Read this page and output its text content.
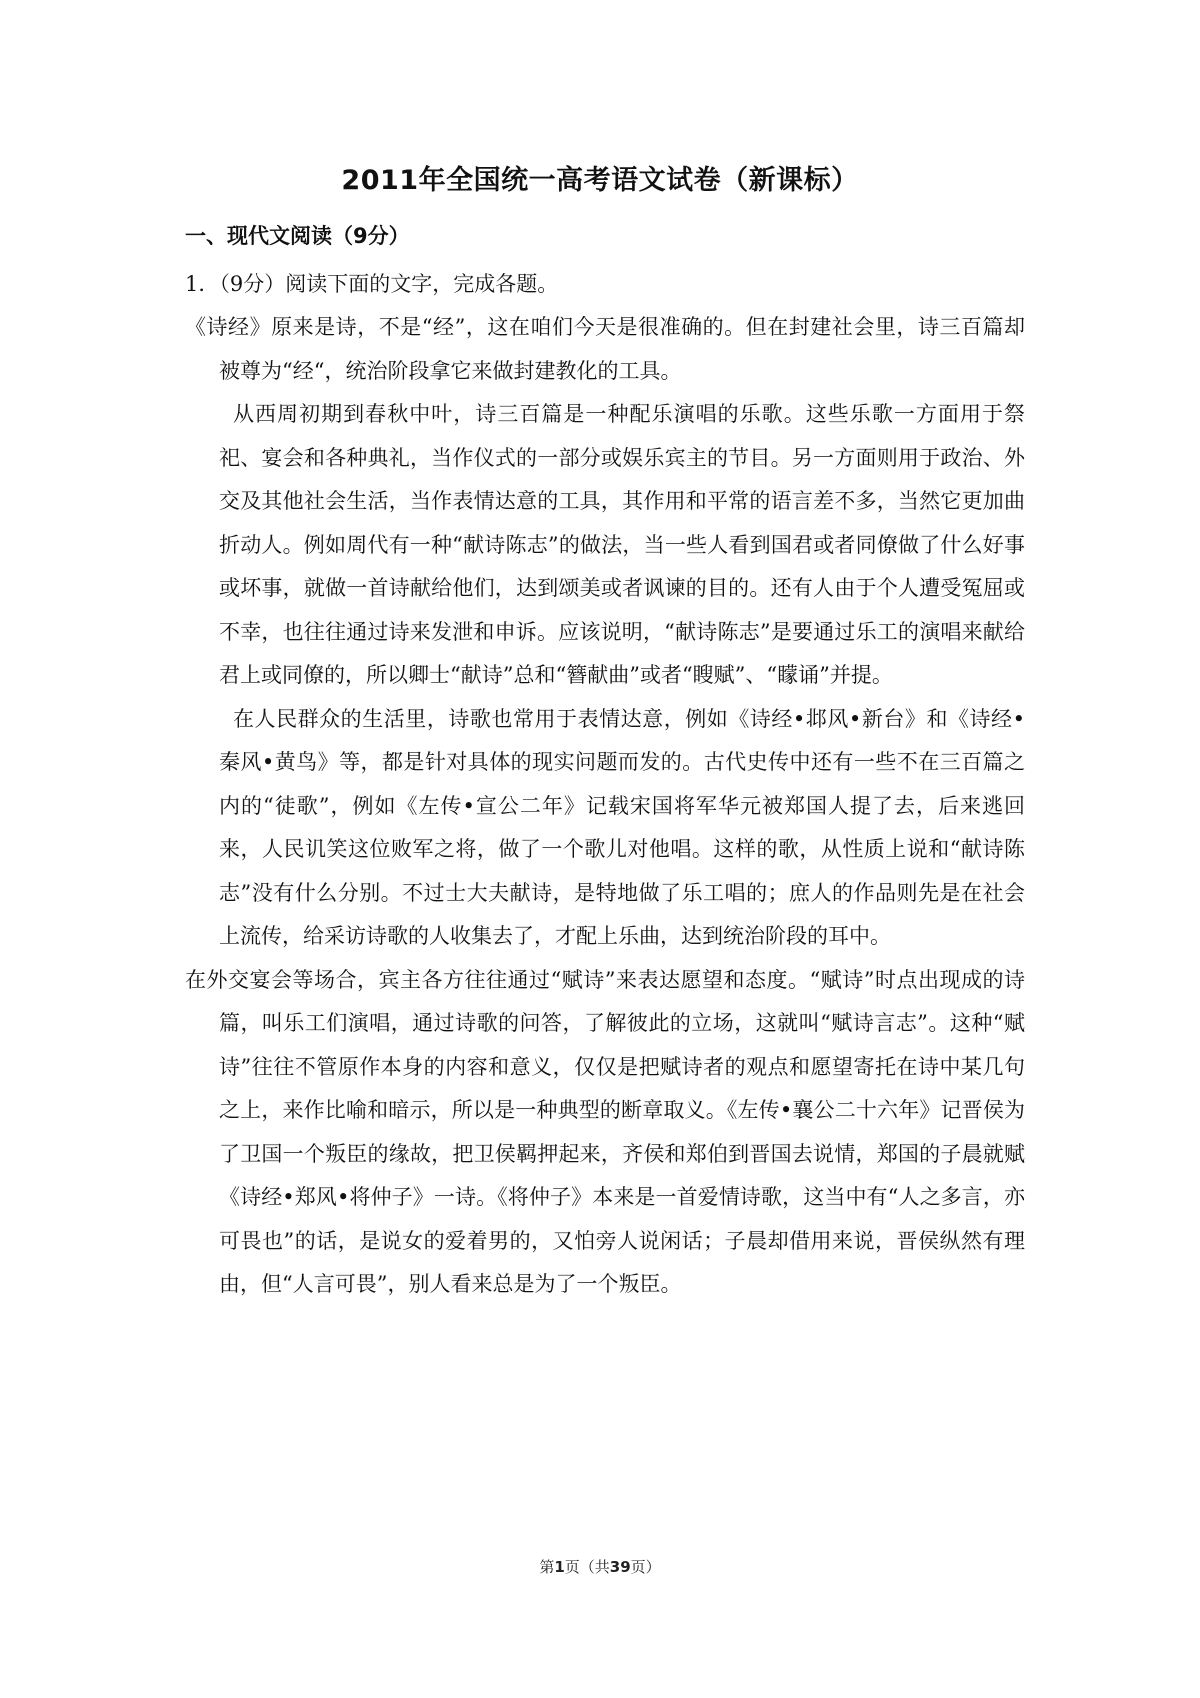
2011年全国统一高考语文试卷（新课标）
一、现代文阅读（9分）
1．（9分）阅读下面的文字，完成各题。

《诗经》原来是诗，不是“经”，这在咱们今天是很准确的。但在封建社会里，诗三百篇却被尊为“经“，统治阶段拿它来做封建教化的工具。

从西周初期到春秋中叶，诗三百篇是一种配乐演唱的乐歌。这些乐歌一方面用于祭祀、宴会和各种典礼，当作仪式的一部分或娱乐宾主的节目。另一方面则用于政治、外交及其他社会生活，当作表情达意的工具，其作用和平常的语言差不多，当然它更加曲折动人。例如周代有一种“献诗陈志”的做法，当一些人看到国君或者同僚做了什么好事或坏事，就做一首诗献给他们，达到颂美或者讽谏的目的。还有人由于个人遭受冤屈或不幸，也往往通过诗来发泄和申诉。应该说明，“献诗陈志”是要通过乐工的演唱来献给君上或同僚的，所以卿士“献诗”总和“簪献曲”或者“瞍赋”、“矇诵”并提。

在人民群众的生活里，诗歌也常用于表情达意，例如《诗经•邶风•新台》和《诗经•秦风•黄鸟》等，都是针对具体的现实问题而发的。古代史传中还有一些不在三百篇之内的“徒歌”，例如《左传•宣公二年》记载宋国将军华元被郑国人提了去，后来逃回来，人民讥笑这位败军之将，做了一个歌儿对他唱。这样的歌，从性质上说和“献诗陈志”没有什么分别。不过士大夫献诗，是特地做了乐工唱的；庶人的作品则先是在社会上流传，给采访诗歌的人收集去了，才配上乐曲，达到统治阶段的耳中。

在外交宴会等场合，宾主各方往往通过“赋诗”来表达愿望和态度。“赋诗”时点出现成的诗篇，叫乐工们演唱，通过诗歌的问答，了解彼此的立场，这就叫“赋诗言志”。这种“赋诗”往往不管原作本身的内容和意义，仅仅是把赋诗者的观点和愿望寄托在诗中某几句之上，来作比喻和暗示，所以是一种典型的断章取义。《左传•襄公二十六年》记晋侯为了卫国一个叛臣的缘故，把卫侯羁押起来，齐侯和郑伯到晋国去说情，郑国的子晨就赋《诗经•郑风•将仲子》一诗。《将仲子》本来是一首爱情诗歌，这当中有“人之多言，亦可畏也”的话，是说女的爱着男的，又怕旁人说闲话；子晨却借用来说，晋侯纵然有理由，但“人言可畏”，别人看来总是为了一个叛臣。

第1页（共39页）
